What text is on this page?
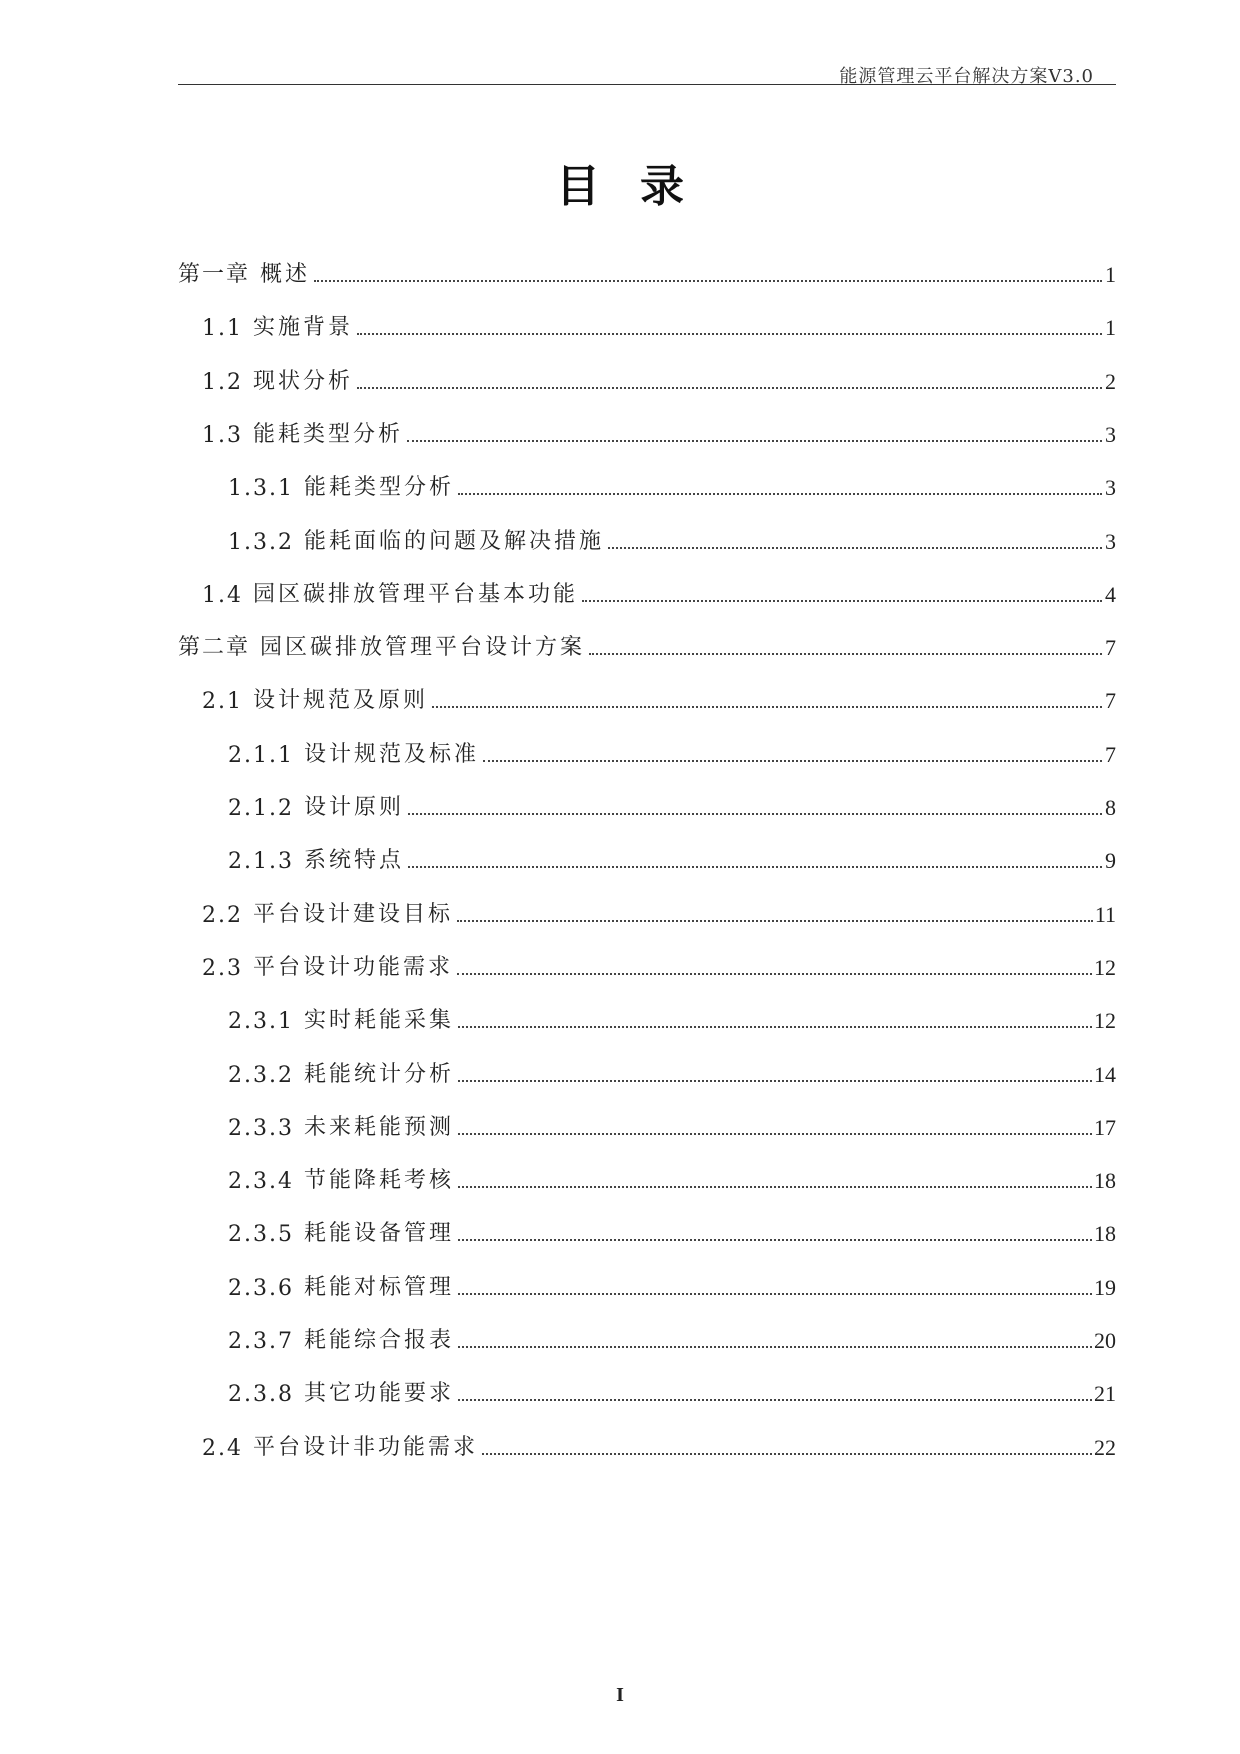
能源管理云平台解决方案V3.0
目录
第一章 概述	1
1.1 实施背景	1
1.2 现状分析	2
1.3 能耗类型分析	3
1.3.1 能耗类型分析	3
1.3.2 能耗面临的问题及解决措施	3
1.4 园区碳排放管理平台基本功能	4
第二章 园区碳排放管理平台设计方案	7
2.1 设计规范及原则	7
2.1.1 设计规范及标准	7
2.1.2 设计原则	8
2.1.3 系统特点	9
2.2 平台设计建设目标	11
2.3 平台设计功能需求	12
2.3.1 实时耗能采集	12
2.3.2 耗能统计分析	14
2.3.3 未来耗能预测	17
2.3.4 节能降耗考核	18
2.3.5 耗能设备管理	18
2.3.6 耗能对标管理	19
2.3.7 耗能综合报表	20
2.3.8 其它功能要求	21
2.4 平台设计非功能需求	22
I
